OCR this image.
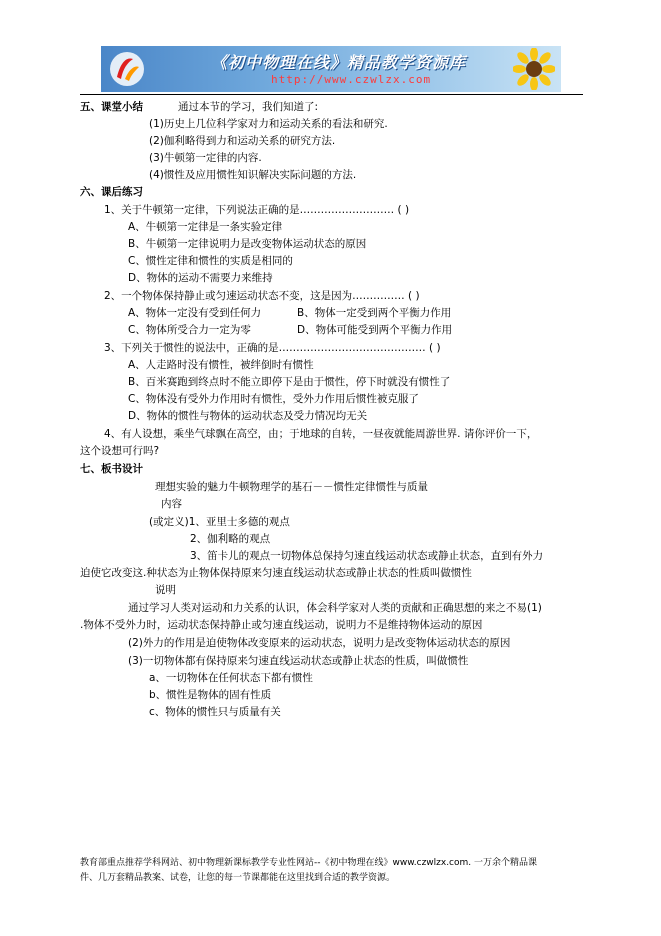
《初中物理在线》精品教学资源库
http://www.czwlzx.com
五、课堂小结	通过本节的学习，我们知道了:
(1)历史上几位科学家对力和运动关系的看法和研究.
(2)伽利略得到力和运动关系的研究方法.
(3)牛顿第一定律的内容.
(4)惯性及应用惯性知识解决实际问题的方法.
六、课后练习
1、关于牛顿第一定律，下列说法正确的是……………………… ( )
A、牛顿第一定律是一条实验定律
B、牛顿第一定律说明力是改变物体运动状态的原因
C、惯性定律和惯性的实质是相同的
D、物体的运动不需要力来维持
2、一个物体保持静止或匀速运动状态不变，这是因为…………… ( )
A、物体一定没有受到任何力	B、物体一定受到两个平衡力作用
C、物体所受合力一定为零	D、物体可能受到两个平衡力作用
3、下列关于惯性的说法中，正确的是…………………………………… ( )
A、人走路时没有惯性，被绊倒时有惯性
B、百米赛跑到终点时不能立即停下是由于惯性，停下时就没有惯性了
C、物体没有受外力作用时有惯性，受外力作用后惯性被克服了
D、物体的惯性与物体的运动状态及受力情况均无关
4、有人设想，乘坐气球飘在高空，由；于地球的自转，一昼夜就能周游世界. 请你评价一下，
这个设想可行吗?
七、板书设计
理想实验的魅力牛顿物理学的基石－－惯性定律惯性与质量
内容
(或定义)1、亚里士多德的观点
2、伽利略的观点
3、笛卡儿的观点一切物体总保持匀速直线运动状态或静止状态，直到有外力
迫使它改变这.种状态为止物体保持原来匀速直线运动状态或静止状态的性质叫做惯性
说明
通过学习人类对运动和力关系的认识，体会科学家对人类的贡献和正确思想的来之不易(1)
.物体不受外力时，运动状态保持静止或匀速直线运动，说明力不是维持物体运动的原因
(2)外力的作用是迫使物体改变原来的运动状态，说明力是改变物体运动状态的原因
(3)一切物体都有保持原来匀速直线运动状态或静止状态的性质，叫做惯性
a、一切物体在任何状态下都有惯性
b、惯性是物体的固有性质
c、物体的惯性只与质量有关
教育部重点推荐学科网站、初中物理新课标教学专业性网站--《初中物理在线》www.czwlzx.com. 一万余个精品课
件、几万套精品教案、试卷，让您的每一节课都能在这里找到合适的教学资源。
